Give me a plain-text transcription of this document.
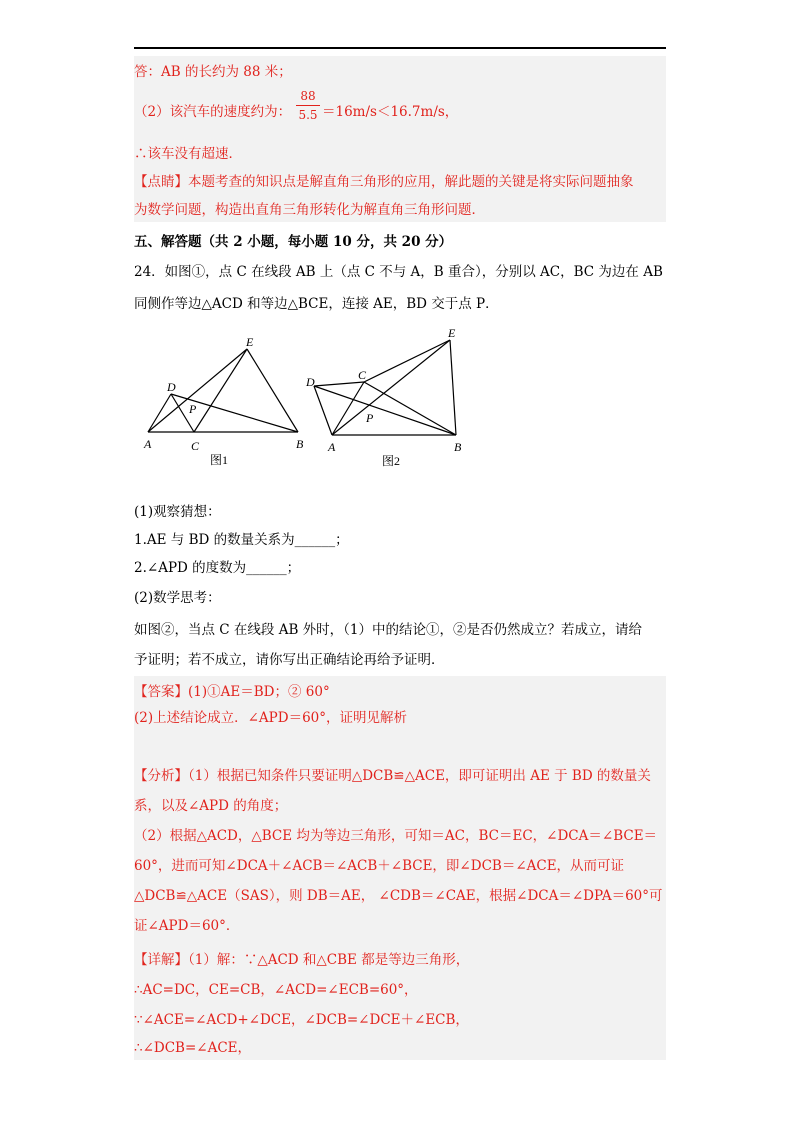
答：AB 的长约为 88 米；
（2）该汽车的速度约为：
88
5.5 ＝16m/s＜16.7m/s，
∴该车没有超速．
【点睛】本题考查的知识点是解直角三角形的应用，解此题的关键是将实际问题抽象
为数学问题，构造出直角三角形转化为解直角三角形问题．
五、解答题（共 2 小题，每小题 10 分，共 20 分）
24．如图①，点 C 在线段 AB 上（点 C 不与 A，B 重合），分别以 AC，BC 为边在 AB
同侧作等边△ACD 和等边△BCE，连接 AE，BD 交于点 P．
A	C	B
D
E
P
图1
A	B
C
D
E
P
图2
(1)观察猜想：
1.AE 与 BD 的数量关系为______；
2.∠APD 的度数为______；
(2)数学思考：
如图②，当点 C 在线段 AB 外时，（1）中的结论①，②是否仍然成立？若成立，请给
予证明；若不成立，请你写出正确结论再给予证明．
【答案】(1)①AE＝BD；② 60°
(2)上述结论成立．∠APD＝60°，证明见解析
【分析】（1）根据已知条件只要证明△DCB≌△ACE，即可证明出 AE 于 BD 的数量关
系，以及∠APD 的角度；
（2）根据△ACD，△BCE 均为等边三角形，可知＝AC，BC＝EC，∠DCA＝∠BCE＝
60°，进而可知∠DCA＋∠ACB＝∠ACB＋∠BCE，即∠DCB＝∠ACE，从而可证
△DCB≌△ACE（SAS），则 DB＝AE， ∠CDB＝∠CAE，根据∠DCA＝∠DPA＝60°可
证∠APD＝60°．
【详解】（1）解：∵△ACD 和△CBE 都是等边三角形，
∴AC=DC，CE=CB，∠ACD=∠ECB=60°，
∵∠ACE=∠ACD+∠DCE，∠DCB=∠DCE＋∠ECB，
∴∠DCB=∠ACE，
